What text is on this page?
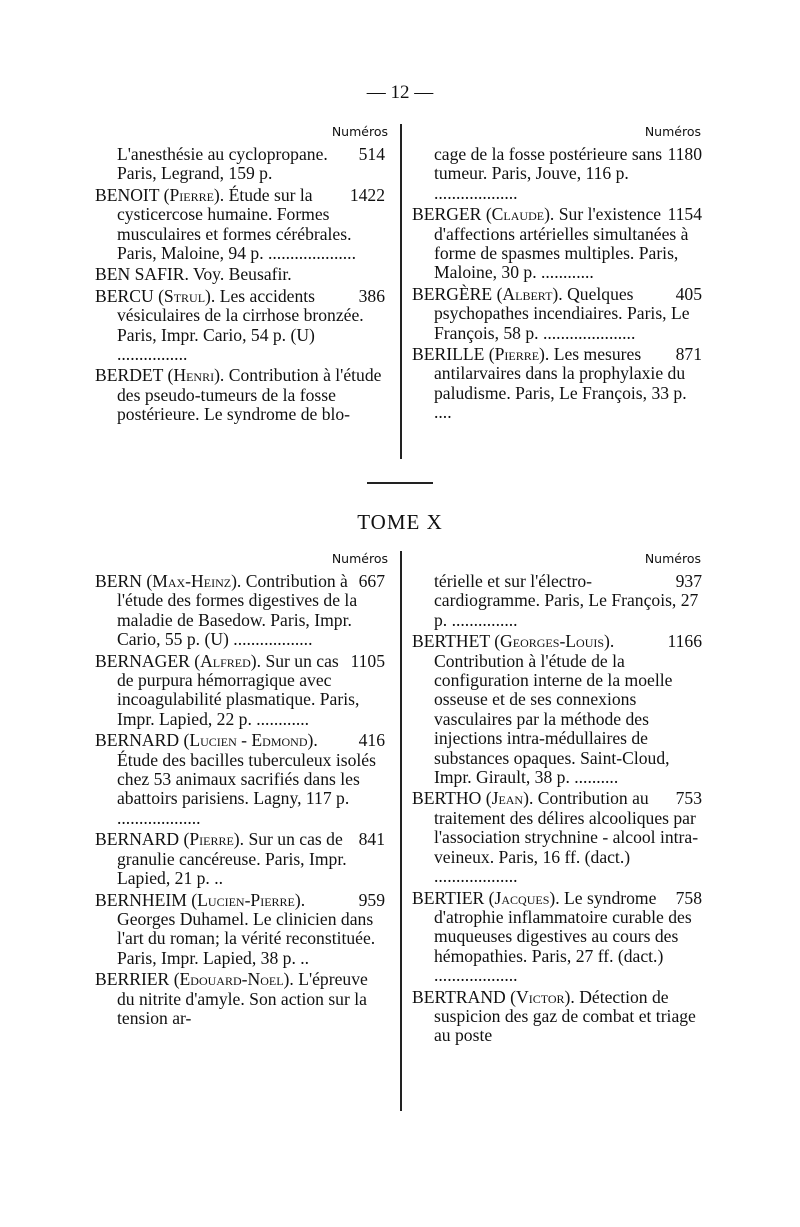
— 12 —
Numéros	Numéros
514
L'anesthésie au cyclopropane. Paris, Legrand, 159 p.
1422
BENOIT (Pierre). Étude sur la cysticercose humaine. Formes musculaires et formes cérébrales. Paris, Maloine, 94 p. ....................
BEN SAFIR. Voy. Beusafir.
386
BERCU (Strul). Les accidents vésiculaires de la cirrhose bronzée. Paris, Impr. Cario, 54 p. (U) ................
BERDET (Henri). Contribution à l'étude des pseudo-tumeurs de la fosse postérieure. Le syndrome de blo-
1180
cage de la fosse postérieure sans tumeur. Paris, Jouve, 116 p. ...................
1154
BERGER (Claude). Sur l'existence d'affections artérielles simultanées à forme de spasmes multiples. Paris, Maloine, 30 p. ............
405
BERGÈRE (Albert). Quelques psychopathes incendiaires. Paris, Le François, 58 p. .....................
871
BERILLE (Pierre). Les mesures antilarvaires dans la prophylaxie du paludisme. Paris, Le François, 33 p. ....
TOME X
Numéros	Numéros
667
BERN (Max-Heinz). Contribution à l'étude des formes digestives de la maladie de Basedow. Paris, Impr. Cario, 55 p. (U) ..................
1105
BERNAGER (Alfred). Sur un cas de purpura hémorragique avec incoagulabilité plasmatique. Paris, Impr. Lapied, 22 p. ............
416
BERNARD (Lucien - Edmond). Étude des bacilles tuberculeux isolés chez 53 animaux sacrifiés dans les abattoirs parisiens. Lagny, 117 p. ...................
841
BERNARD (Pierre). Sur un cas de granulie cancéreuse. Paris, Impr. Lapied, 21 p. ..
959
BERNHEIM (Lucien-Pierre). Georges Duhamel. Le clinicien dans l'art du roman; la vérité reconstituée. Paris, Impr. Lapied, 38 p. ..
BERRIER (Edouard-Noel). L'épreuve du nitrite d'amyle. Son action sur la tension ar-
937
térielle et sur l'électro-cardiogramme. Paris, Le François, 27 p. ...............
1166
BERTHET (Georges-Louis). Contribution à l'étude de la configuration interne de la moelle osseuse et de ses connexions vasculaires par la méthode des injections intra-médullaires de substances opaques. Saint-Cloud, Impr. Girault, 38 p. ..........
753
BERTHO (Jean). Contribution au traitement des délires alcooliques par l'association strychnine - alcool intra-veineux. Paris, 16 ff. (dact.) ...................
758
BERTIER (Jacques). Le syndrome d'atrophie inflammatoire curable des muqueuses digestives au cours des hémopathies. Paris, 27 ff. (dact.) ...................
BERTRAND (Victor). Détection de suspicion des gaz de combat et triage au poste
